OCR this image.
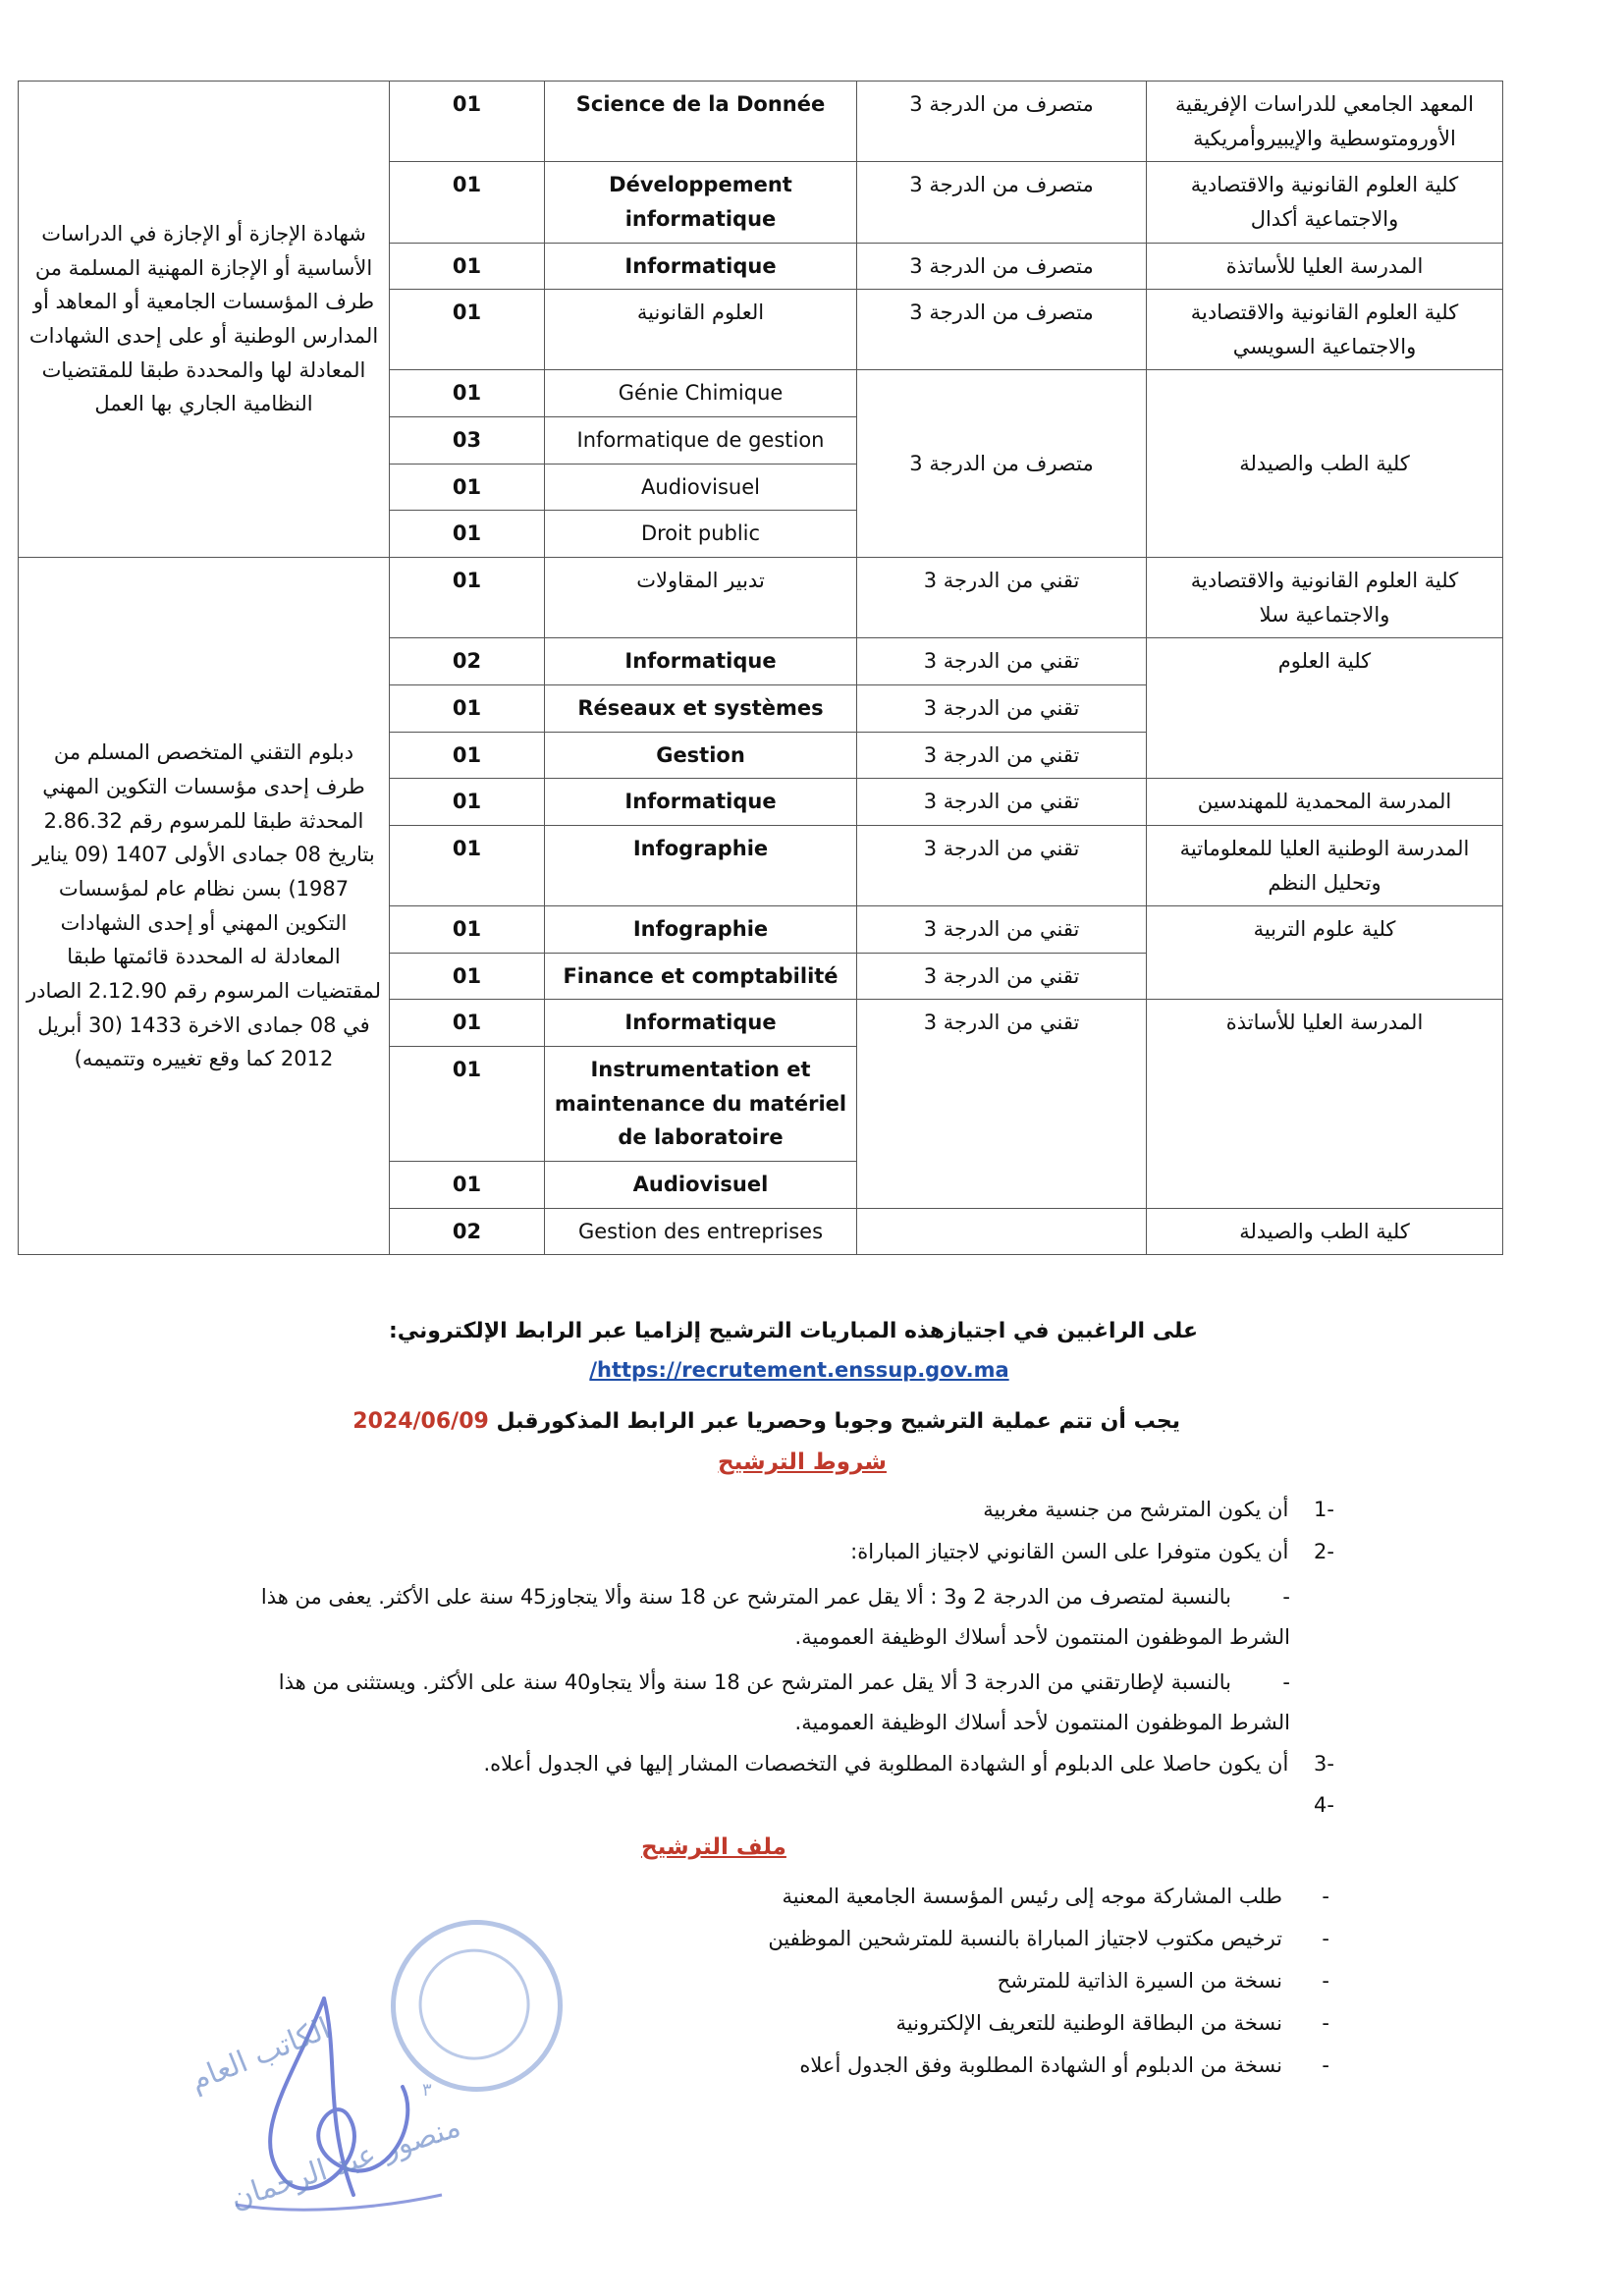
شهادة الإجازة أو الإجازة في الدراسات الأساسية أو الإجازة المهنية المسلمة من طرف المؤسسات الجامعية أو المعاهد أو المدارس الوطنية أو على إحدى الشهادات المعادلة لها والمحددة طبقا للمقتضيات النظامية الجاري بها العمل	01	Science de la Donnée	متصرف من الدرجة 3	المعهد الجامعي للدراسات الإفريقية الأورومتوسطية والإيبيروأمريكية
	01	Développement informatique	متصرف من الدرجة 3	كلية العلوم القانونية والاقتصادية والاجتماعية أكدال
	01	Informatique	متصرف من الدرجة 3	المدرسة العليا للأساتذة
	01	العلوم القانونية	متصرف من الدرجة 3	كلية العلوم القانونية والاقتصادية والاجتماعية السويسي
	01	Génie Chimique	متصرف من الدرجة 3	كلية الطب والصيدلة
	03	Informatique de gestion		
	01	Audiovisuel		
	01	Droit public		
دبلوم التقني المتخصص المسلم من طرف إحدى مؤسسات التكوين المهني المحدثة طبقا للمرسوم رقم 2.86.32 بتاريخ 08 جمادى الأولى 1407 (09 يناير 1987) بسن نظام عام لمؤسسات التكوين المهني أو إحدى الشهادات المعادلة له المحددة قائمتها طبقا لمقتضيات المرسوم رقم 2.12.90 الصادر في 08 جمادى الاخرة 1433 (30 أبريل 2012 كما وقع تغييره وتتميمه)	01	تدبير المقاولات	تقني من الدرجة 3	كلية العلوم القانونية والاقتصادية والاجتماعية سلا
	02	Informatique	تقني من الدرجة 3	كلية العلوم
	01	Réseaux et systèmes	تقني من الدرجة 3	
	01	Gestion	تقني من الدرجة 3	
	01	Informatique	تقني من الدرجة 3	المدرسة المحمدية للمهندسين
	01	Infographie	تقني من الدرجة 3	المدرسة الوطنية العليا للمعلوماتية وتحليل النظم
	01	Infographie	تقني من الدرجة 3	كلية علوم التربية
	01	Finance et comptabilité	تقني من الدرجة 3	
	01	Informatique	تقني من الدرجة 3	المدرسة العليا للأساتذة
	01	Instrumentation et maintenance du matériel de laboratoire		
	01	Audiovisuel		
	02	Gestion des entreprises		كلية الطب والصيدلة
على الراغبين في اجتيازهذه المباريات الترشيح إلزاميا عبر الرابط الإلكتروني:
https://recrutement.enssup.gov.ma/
يجب أن تتم عملية الترشيح وجوبا وحصريا عبر الرابط المذكورقبل 2024/06/09
شروط الترشيح
-1 أن يكون المترشح من جنسية مغربية
-2 أن يكون متوفرا على السن القانوني لاجتياز المباراة:
-بالنسبة لمتصرف من الدرجة 2 و3 : ألا يقل عمر المترشح عن 18 سنة وألا يتجاوز45 سنة على الأكثر. يعفى من هذا الشرط الموظفون المنتمون لأحد أسلاك الوظيفة العمومية.
-بالنسبة لإطارتقني من الدرجة 3 ألا يقل عمر المترشح عن 18 سنة وألا يتجاو40 سنة على الأكثر. ويستثنى من هذا الشرط الموظفون المنتمون لأحد أسلاك الوظيفة العمومية.
-3 أن يكون حاصلا على الدبلوم أو الشهادة المطلوبة في التخصصات المشار إليها في الجدول أعلاه.
-4
ملف الترشيح
-طلب المشاركة موجه إلى رئيس المؤسسة الجامعية المعنية
-ترخيص مكتوب لاجتياز المباراة بالنسبة للمترشحين الموظفين
-نسخة من السيرة الذاتية للمترشح
-نسخة من البطاقة الوطنية للتعريف الإلكترونية
-نسخة من الدبلوم أو الشهادة المطلوبة وفق الجدول أعلاه
الكاتب العام
منصور عبد الرحمان
٣
